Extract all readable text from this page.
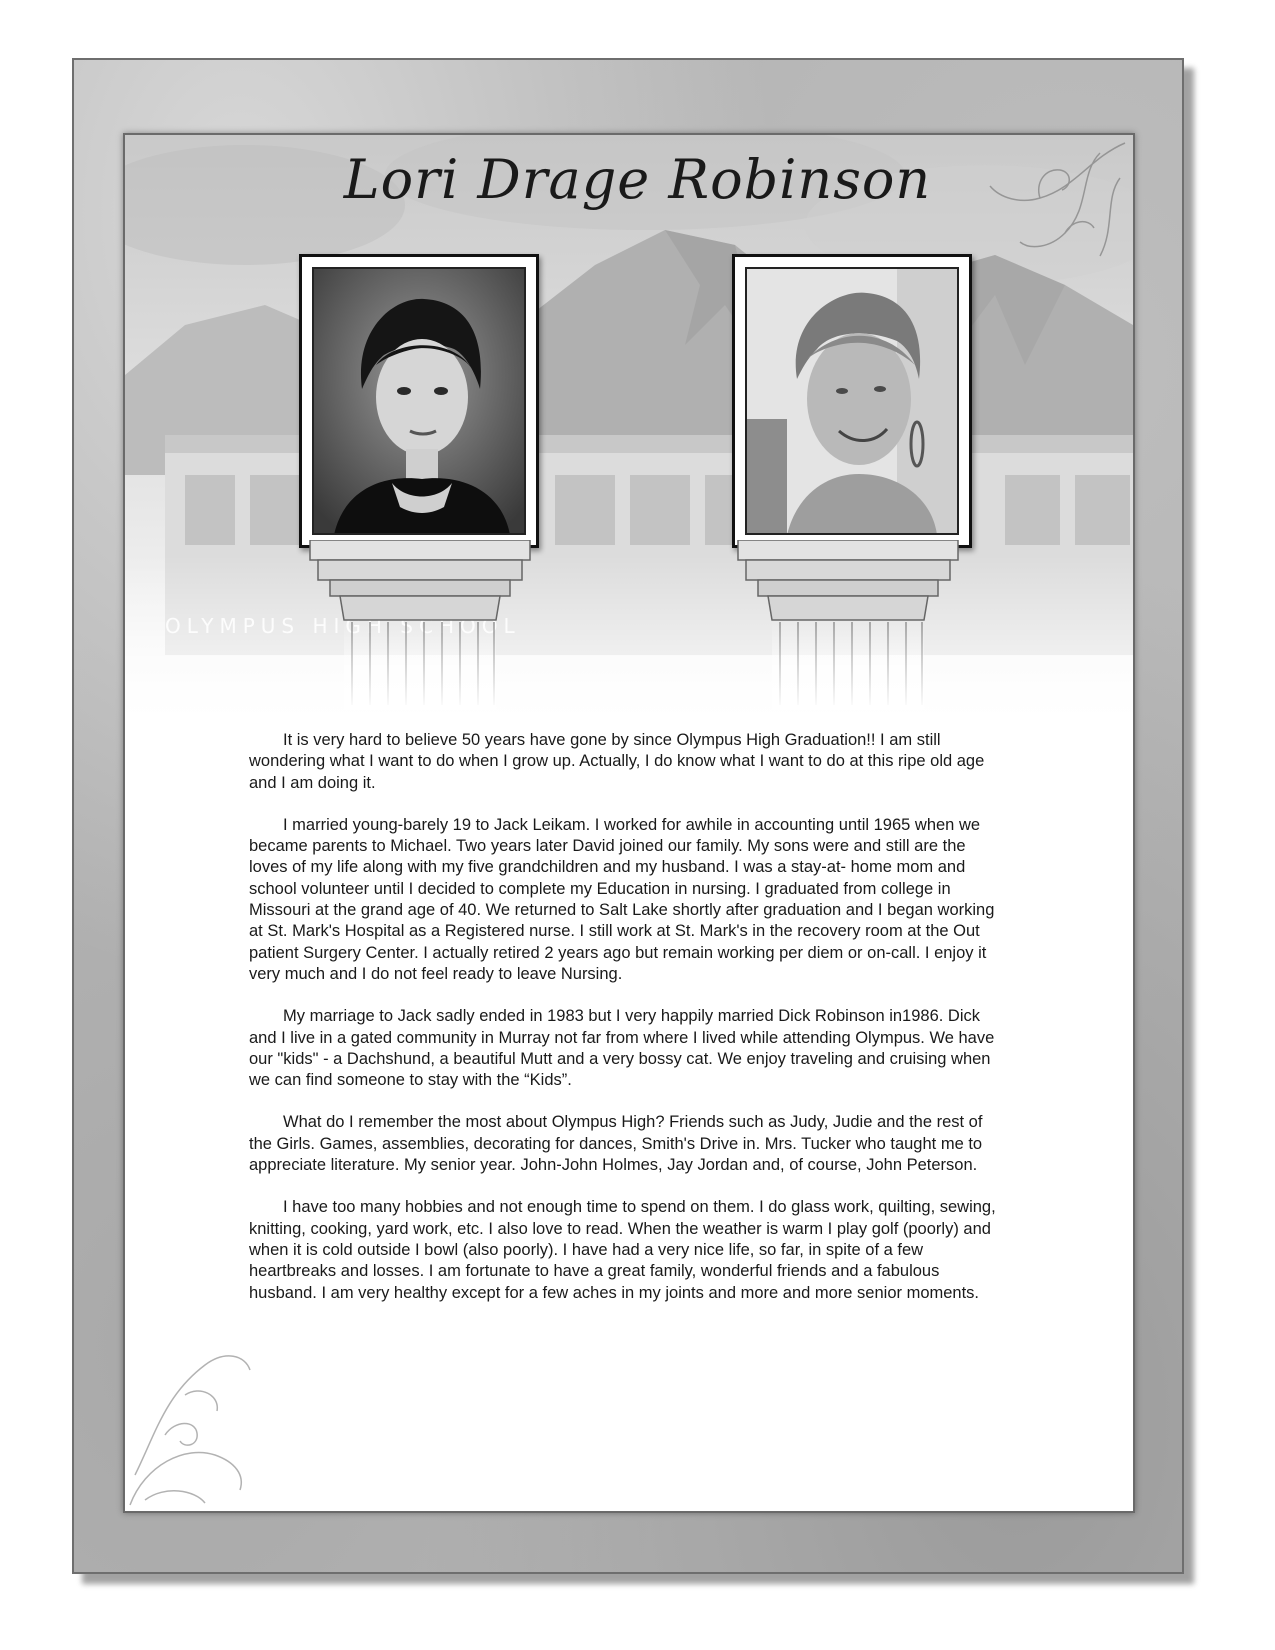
Lori Drage Robinson

It is very hard to believe 50 years have gone by since Olympus High Graduation!! I am still wondering what I want to do when I grow up. Actually, I do know what I want to do at this ripe old age and I am doing it.

I married young-barely 19 to Jack Leikam. I worked for awhile in accounting until 1965 when we became parents to Michael. Two years later David joined our family. My sons were and still are the loves of my life along with my five grandchildren and my husband. I was a stay-at- home mom and school volunteer until I decided to complete my Education in nursing. I graduated from college in Missouri at the grand age of 40. We returned to Salt Lake shortly after graduation and I began working at St. Mark's Hospital as a Registered nurse. I still work at St. Mark's in the recovery room at the Out patient Surgery Center. I actually retired 2 years ago but remain working per diem or on-call. I enjoy it very much and I do not feel ready to leave Nursing.

My marriage to Jack sadly ended in 1983 but I very happily married Dick Robinson in1986. Dick and I live in a gated community in Murray not far from where I lived while attending Olympus. We have our "kids" - a Dachshund, a beautiful Mutt and a very bossy cat. We enjoy traveling and cruising when we can find someone to stay with the “Kids”.

What do I remember the most about Olympus High? Friends such as Judy, Judie and the rest of the Girls. Games, assemblies, decorating for dances, Smith's Drive in. Mrs. Tucker who taught me to appreciate literature. My senior year. John-John Holmes, Jay Jordan and, of course, John Peterson.

I have too many hobbies and not enough time to spend on them. I do glass work, quilting, sewing, knitting, cooking, yard work, etc. I also love to read. When the weather is warm I play golf (poorly) and when it is cold outside I bowl (also poorly). I have had a very nice life, so far, in spite of a few heartbreaks and losses. I am fortunate to have a great family, wonderful friends and a fabulous husband. I am very healthy except for a few aches in my joints and more and more senior moments.
